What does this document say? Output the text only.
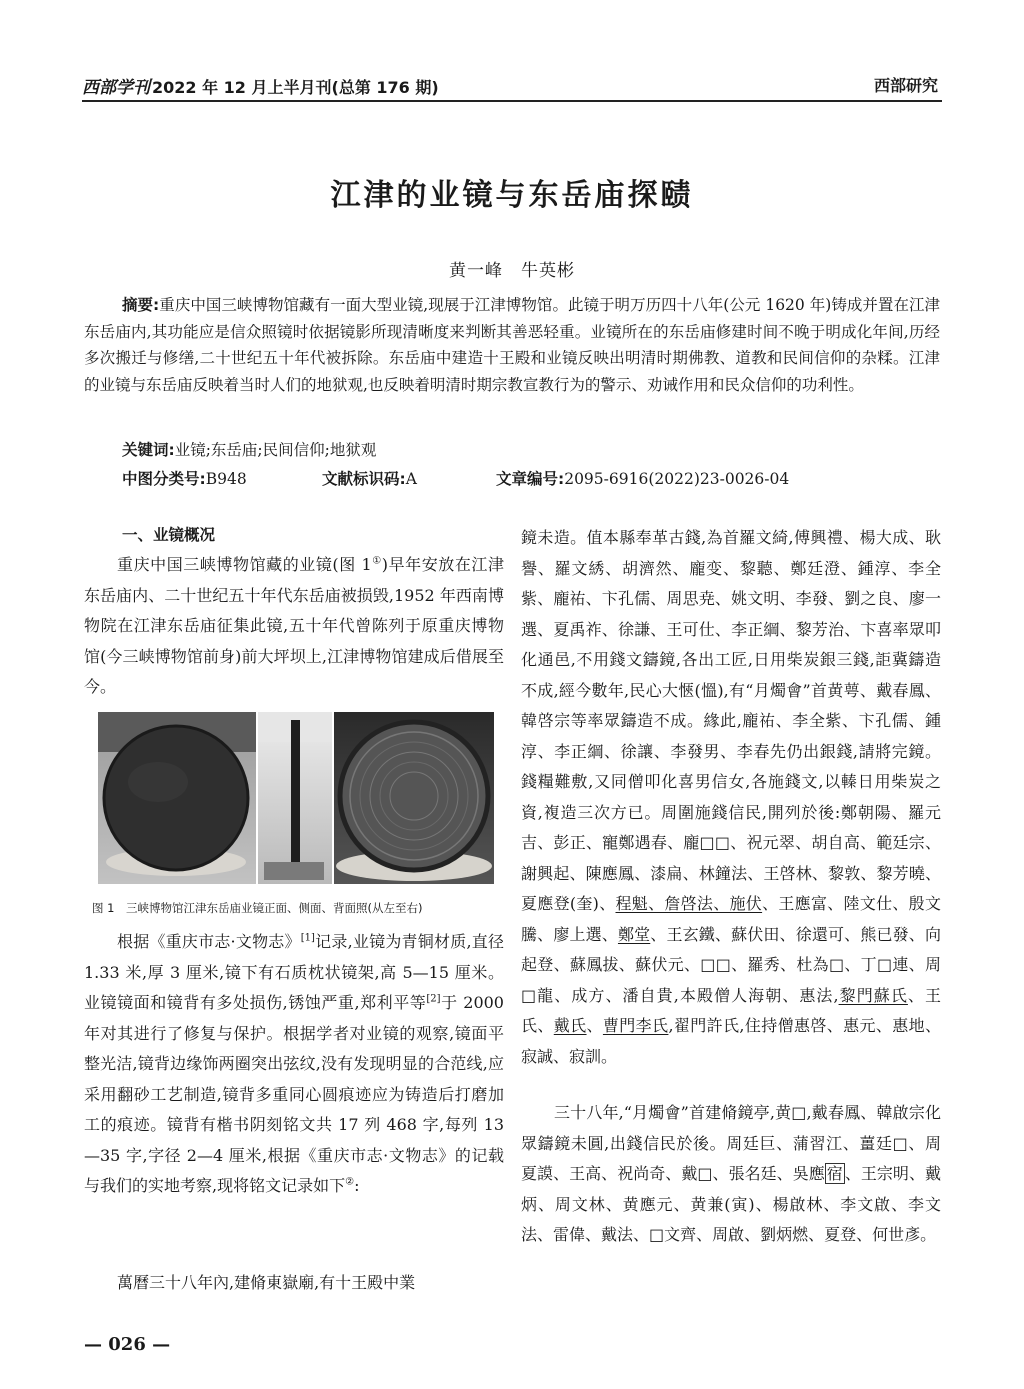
西部学刊 2022 年 12 月上半月刊(总第 176 期)	西部研究
江津的业镜与东岳庙探赜
黄一峰　牛英彬

摘要:重庆中国三峡博物馆藏有一面大型业镜,现展于江津博物馆。此镜于明万历四十八年(公元 1620 年)铸成并置在江津东岳庙内,其功能应是信众照镜时依据镜影所现清晰度来判断其善恶轻重。业镜所在的东岳庙修建时间不晚于明成化年间,历经多次搬迁与修缮,二十世纪五十年代被拆除。东岳庙中建造十王殿和业镜反映出明清时期佛教、道教和民间信仰的杂糅。江津的业镜与东岳庙反映着当时人们的地狱观,也反映着明清时期宗教宣教行为的警示、劝诫作用和民众信仰的功利性。

关键词:业镜;东岳庙;民间信仰;地狱观
中图分类号:B948	文献标识码:A	文章编号:2095-6916(2022)23-0026-04
一、业镜概况

重庆中国三峡博物馆藏的业镜(图 1①)早年安放在江津东岳庙内、二十世纪五十年代东岳庙被损毁,1952 年西南博物院在江津东岳庙征集此镜,五十年代曾陈列于原重庆博物馆(今三峡博物馆前身)前大坪坝上,江津博物馆建成后借展至今。

图 1　三峡博物馆江津东岳庙业镜正面、侧面、背面照(从左至右)

根据《重庆市志·文物志》[1]记录,业镜为青铜材质,直径 1.33 米,厚 3 厘米,镜下有石质枕状镜架,高 5—15 厘米。业镜镜面和镜背有多处损伤,锈蚀严重,郑利平等[2]于 2000 年对其进行了修复与保护。根据学者对业镜的观察,镜面平整光洁,镜背边缘饰两圈突出弦纹,没有发现明显的合范线,应采用翻砂工艺制造,镜背多重同心圆痕迹应为铸造后打磨加工的痕迹。镜背有楷书阴刻铭文共 17 列 468 字,每列 13—35 字,字径 2—4 厘米,根据《重庆市志·文物志》的记载与我们的实地考察,现将铭文记录如下②:

萬曆三十八年內,建脩東嶽廟,有十王殿中業

鏡未造。值本縣奉革古錢,為首羅文綺,傅興禮、楊大成、耿譽、羅文綉、胡濟然、龐变、黎聽、鄭廷澄、鍾淳、李全紫、龐祐、卞孔儒、周思尭、姚文明、李發、劉之良、廖一選、夏禹祚、徐謙、王可仕、李正綱、黎芳治、卞喜率眾叩化通邑,不用錢文鑄鏡,各出工匠,日用柴炭銀三錢,詎冀鑄造不成,經今數年,民心大愜(慍),有“月燭會”首黄萼、戴春鳳、韓啓宗等率眾鑄造不成。緣此,龐祐、李全紫、卞孔儒、鍾淳、李正綱、徐讓、李發男、李春先仍出銀錢,請將完鏡。錢糧難敷,又同僧叩化喜男信女,各施錢文,以轃日用柴炭之資,複造三次方已。周圍施錢信民,開列於後:鄭朝陽、羅元吉、彭正、寵鄭遇春、龐□□、祝元翠、胡自高、範廷宗、謝興起、陳應鳳、漆扁、林鐘法、王啓林、黎敦、黎芳曉、夏應登(奎)、程魁、詹啓法、施伏、王應富、陸文仕、殷文騰、廖上選、鄭堂、王玄鐵、蘇伏田、徐還可、熊已發、向起登、蘇鳳拔、蘇伏元、□□、羅秀、杜為□、丁□連、周□龍、成方、潘自貴,本殿僧人海朝、惠法,黎門蘇氏、王氏、戴氏、曹門李氏,翟門許氏,住持僧惠啓、惠元、惠地、寂誠、寂訓。

三十八年,“月燭會”首建脩鏡亭,黄□,戴春鳳、韓啟宗化眾鑄鏡未圓,出錢信民於後。周廷巨、蒲習江、薑廷□、周夏謨、王高、祝尚奇、戴□、張名廷、吳應 宿 、王宗明、戴炳、周文林、黄應元、黄兼(寅)、楊啟林、李文啟、李文法、雷偉、戴法、□文齊、周啟、劉炳燃、夏登、何世彥。

— 026 —
